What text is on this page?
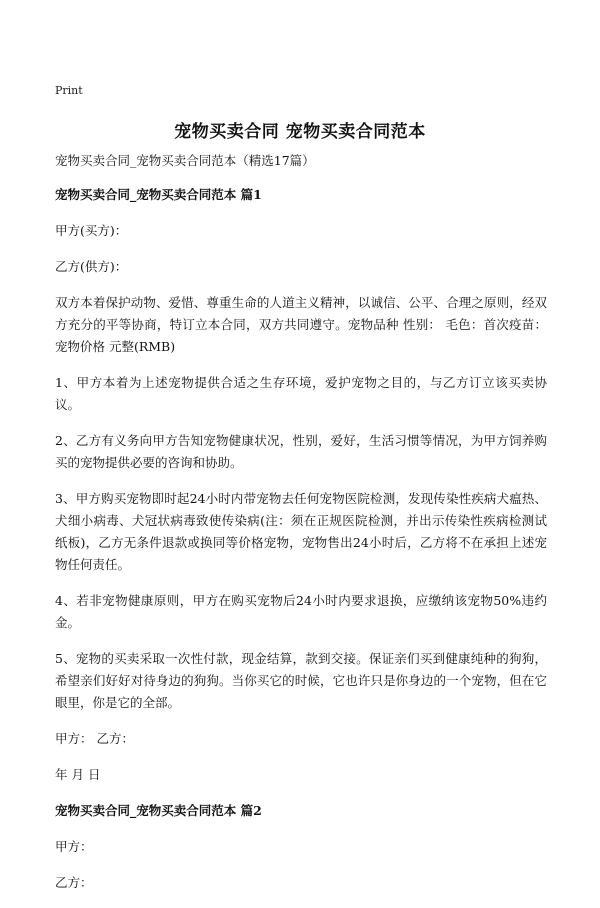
Print
宠物买卖合同 宠物买卖合同范本

宠物买卖合同_宠物买卖合同范本（精选17篇）

宠物买卖合同_宠物买卖合同范本 篇1

甲方(买方)：

乙方(供方)：

双方本着保护动物、爱惜、尊重生命的人道主义精神，以诚信、公平、合理之原则，经双方充分的平等协商，特订立本合同，双方共同遵守。宠物品种 性别： 毛色：首次疫苗： 宠物价格 元整(RMB)

1、甲方本着为上述宠物提供合适之生存环境，爱护宠物之目的，与乙方订立该买卖协议。

2、乙方有义务向甲方告知宠物健康状况，性别，爱好，生活习惯等情况，为甲方饲养购买的宠物提供必要的咨询和协助。

3、甲方购买宠物即时起24小时内带宠物去任何宠物医院检测，发现传染性疾病犬瘟热、犬细小病毒、犬冠状病毒致使传染病(注：须在正规医院检测，并出示传染性疾病检测试纸板)，乙方无条件退款或换同等价格宠物，宠物售出24小时后，乙方将不在承担上述宠物任何责任。

4、若非宠物健康原则，甲方在购买宠物后24小时内要求退换，应缴纳该宠物50%违约金。

5、宠物的买卖采取一次性付款，现金结算，款到交接。保证亲们买到健康纯种的狗狗，希望亲们好好对待身边的狗狗。当你买它的时候，它也许只是你身边的一个宠物，但在它眼里，你是它的全部。

甲方： 乙方：

年 月 日

宠物买卖合同_宠物买卖合同范本 篇2

甲方：

乙方：
